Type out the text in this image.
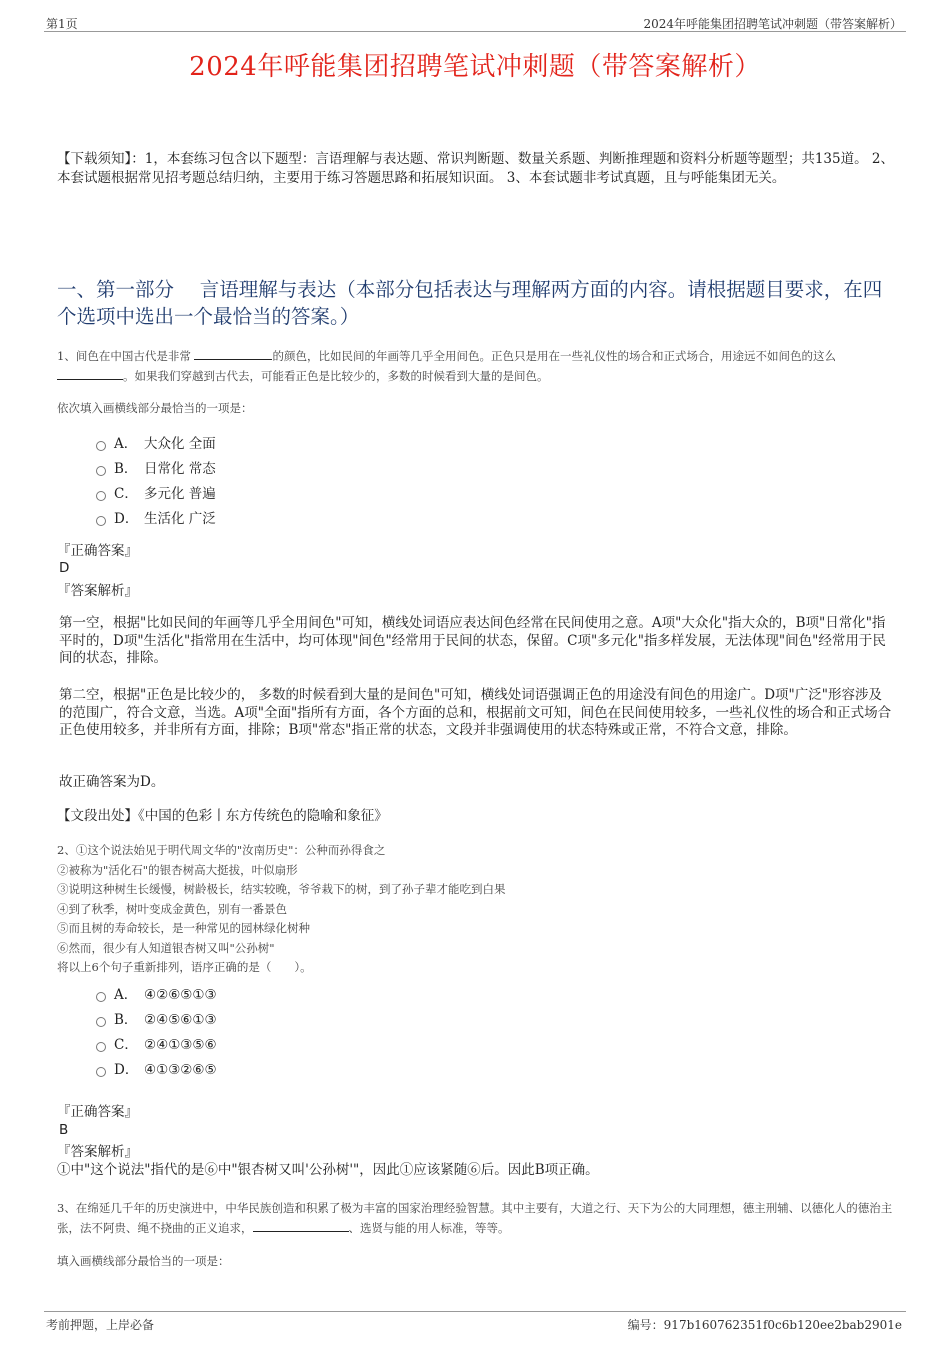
第1页	2024年呼能集团招聘笔试冲刺题（带答案解析）
2024年呼能集团招聘笔试冲刺题（带答案解析）
【下载须知】：1，本套练习包含以下题型：言语理解与表达题、常识判断题、数量关系题、判断推理题和资料分析题等题型；共135道。 2、本套试题根据常见招考题总结归纳，主要用于练习答题思路和拓展知识面。 3、本套试题非考试真题，且与呼能集团无关。
一、第一部分　 言语理解与表达（本部分包括表达与理解两方面的内容。请根据题目要求，在四个选项中选出一个最恰当的答案。）
1、间色在中国古代是非常	的颜色，比如民间的年画等几乎全用间色。正色只是用在一些礼仪性的场合和正式场合，用途远不如间色的这么 。如果我们穿越到古代去，可能看正色是比较少的，多数的时候看到大量的是间色。
依次填入画横线部分最恰当的一项是：
A． 大众化 全面
B． 日常化 常态
C． 多元化 普遍
D． 生活化 广泛
『正确答案』
D
『答案解析』
第一空，根据"比如民间的年画等几乎全用间色"可知，横线处词语应表达间色经常在民间使用之意。A项"大众化"指大众的，B项"日常化"指平时的，D项"生活化"指常用在生活中，均可体现"间色"经常用于民间的状态，保留。C项"多元化"指多样发展，无法体现"间色"经常用于民间的状态，排除。
第二空，根据"正色是比较少的， 多数的时候看到大量的是间色"可知，横线处词语强调正色的用途没有间色的用途广。D项"广泛"形容涉及的范围广，符合文意，当选。A项"全面"指所有方面，各个方面的总和，根据前文可知，间色在民间使用较多，一些礼仪性的场合和正式场合正色使用较多，并非所有方面，排除；B项"常态"指正常的状态，文段并非强调使用的状态特殊或正常，不符合文意，排除。
故正确答案为D。
【文段出处】《中国的色彩丨东方传统色的隐喻和象征》
2、①这个说法始见于明代周文华的"汝南历史"：公种而孙得食之
②被称为"活化石"的银杏树高大挺拔，叶似扇形
③说明这种树生长缓慢，树龄极长，结实较晚，爷爷栽下的树，到了孙子辈才能吃到白果
④到了秋季，树叶变成金黄色，别有一番景色
⑤而且树的寿命较长，是一种常见的园林绿化树种
⑥然而，很少有人知道银杏树又叫"公孙树"
将以上6个句子重新排列，语序正确的是（　　）。
A． ④②⑥⑤①③
B． ②④⑤⑥①③
C． ②④①③⑤⑥
D． ④①③②⑥⑤
『正确答案』
B
『答案解析』
①中"这个说法"指代的是⑥中"银杏树又叫'公孙树'"，因此①应该紧随⑥后。因此B项正确。
3、在绵延几千年的历史演进中，中华民族创造和积累了极为丰富的国家治理经验智慧。其中主要有，大道之行、天下为公的大同理想，德主刑辅、以德化人的德治主张，法不阿贵、绳不挠曲的正义追求，	、选贤与能的用人标准，等等。
填入画横线部分最恰当的一项是：
考前押题，上岸必备	编号：917b160762351f0c6b120ee2bab2901e
